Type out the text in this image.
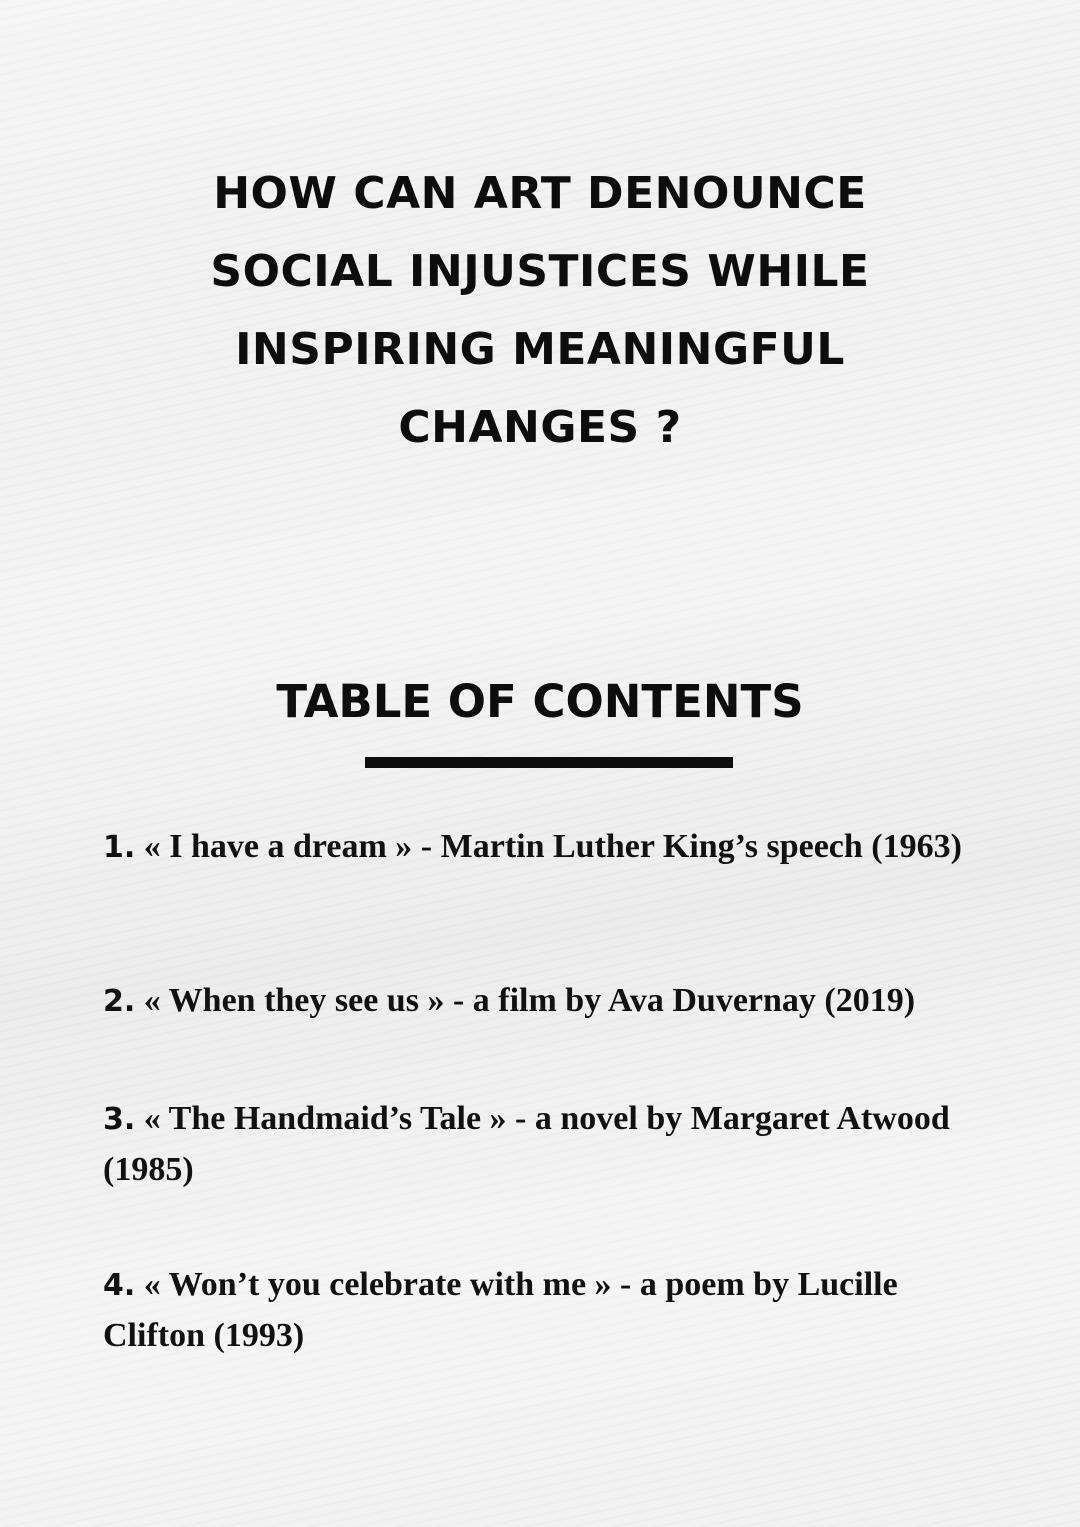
HOW CAN ART DENOUNCE
SOCIAL INJUSTICES WHILE
INSPIRING MEANINGFUL
CHANGES ?
TABLE OF CONTENTS
1. « I have a dream » - Martin Luther King’s speech (1963)
2. « When they see us » - a film by Ava Duvernay (2019)
3. « The Handmaid’s Tale » - a novel by Margaret Atwood (1985)
4. « Won’t you celebrate with me » - a poem by Lucille Clifton (1993)
